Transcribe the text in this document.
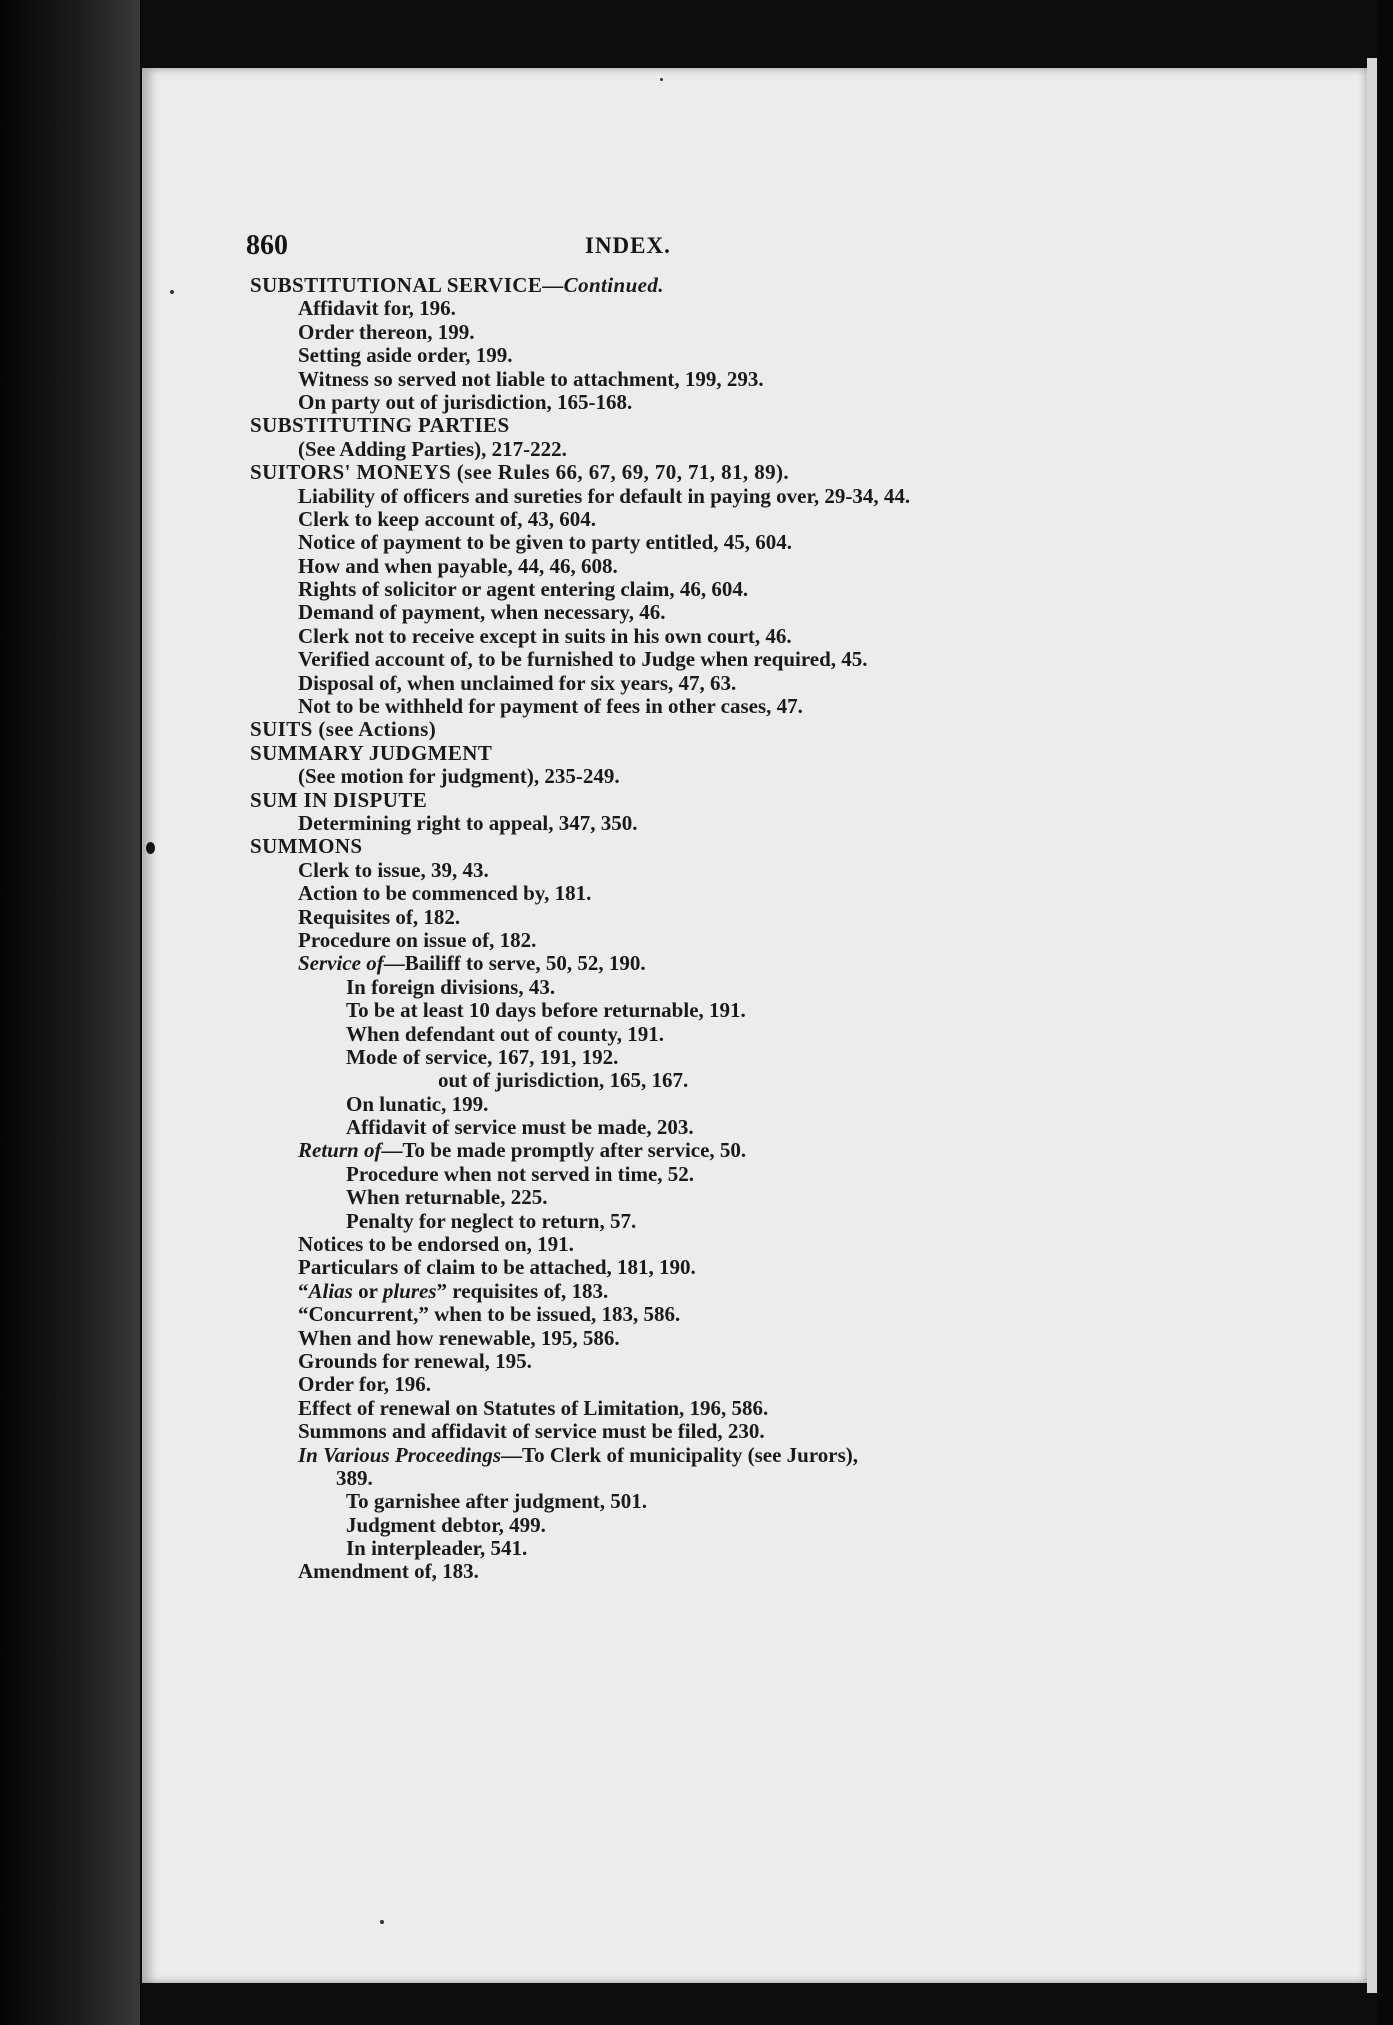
860	INDEX.
SUBSTITUTIONAL SERVICE—Continued.
Affidavit for, 196.
Order thereon, 199.
Setting aside order, 199.
Witness so served not liable to attachment, 199, 293.
On party out of jurisdiction, 165-168.
SUBSTITUTING PARTIES
(See Adding Parties), 217-222.
SUITORS' MONEYS (see Rules 66, 67, 69, 70, 71, 81, 89).
Liability of officers and sureties for default in paying over, 29-34, 44.
Clerk to keep account of, 43, 604.
Notice of payment to be given to party entitled, 45, 604.
How and when payable, 44, 46, 608.
Rights of solicitor or agent entering claim, 46, 604.
Demand of payment, when necessary, 46.
Clerk not to receive except in suits in his own court, 46.
Verified account of, to be furnished to Judge when required, 45.
Disposal of, when unclaimed for six years, 47, 63.
Not to be withheld for payment of fees in other cases, 47.
SUITS (see Actions)
SUMMARY JUDGMENT
(See motion for judgment), 235-249.
SUM IN DISPUTE
Determining right to appeal, 347, 350.
SUMMONS
Clerk to issue, 39, 43.
Action to be commenced by, 181.
Requisites of, 182.
Procedure on issue of, 182.
Service of—Bailiff to serve, 50, 52, 190.
In foreign divisions, 43.
To be at least 10 days before returnable, 191.
When defendant out of county, 191.
Mode of service, 167, 191, 192.
out of jurisdiction, 165, 167.
On lunatic, 199.
Affidavit of service must be made, 203.
Return of—To be made promptly after service, 50.
Procedure when not served in time, 52.
When returnable, 225.
Penalty for neglect to return, 57.
Notices to be endorsed on, 191.
Particulars of claim to be attached, 181, 190.
“Alias or plures” requisites of, 183.
“Concurrent,” when to be issued, 183, 586.
When and how renewable, 195, 586.
Grounds for renewal, 195.
Order for, 196.
Effect of renewal on Statutes of Limitation, 196, 586.
Summons and affidavit of service must be filed, 230.
In Various Proceedings—To Clerk of municipality (see Jurors),
389.
To garnishee after judgment, 501.
Judgment debtor, 499.
In interpleader, 541.
Amendment of, 183.
